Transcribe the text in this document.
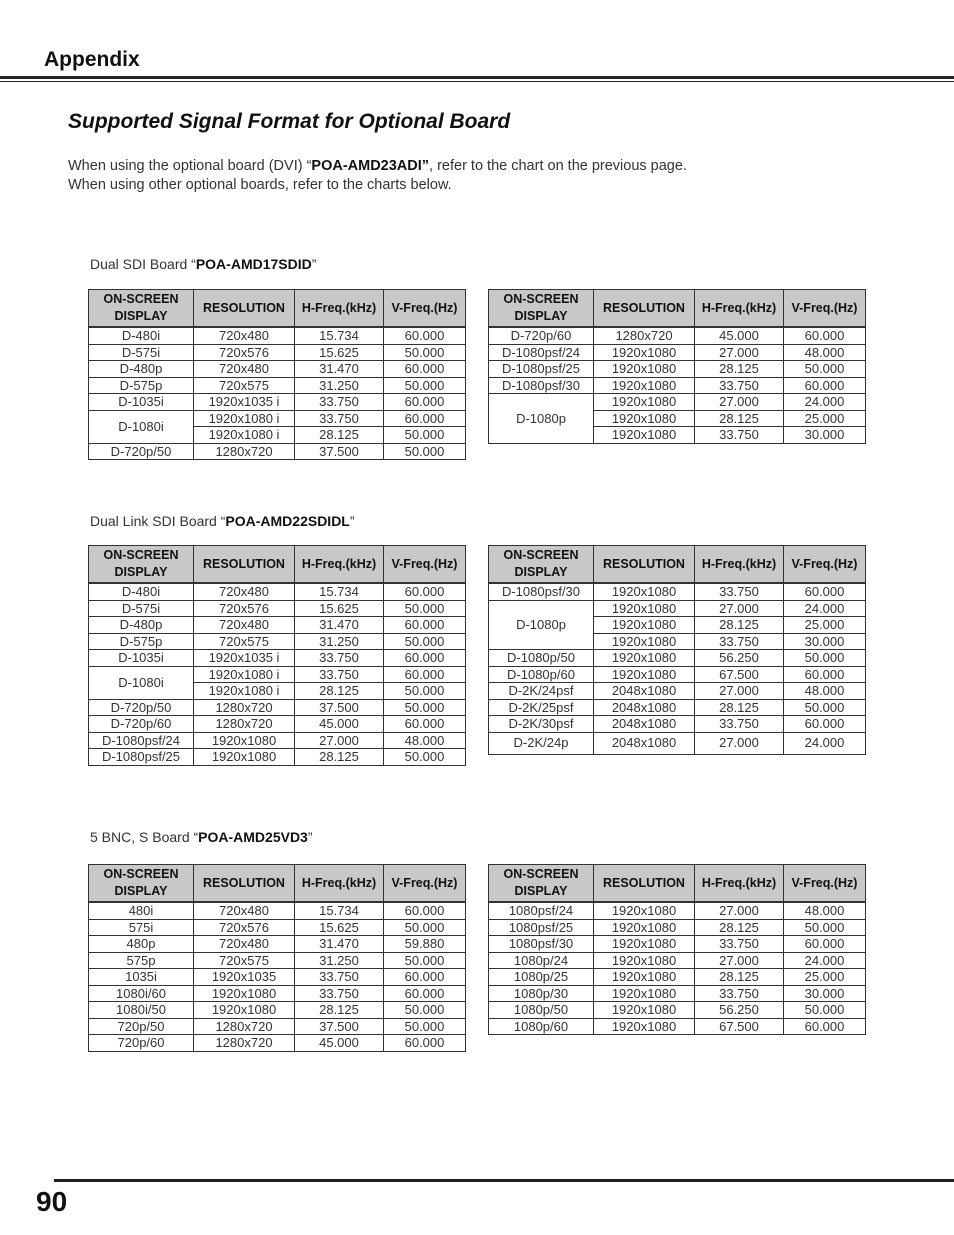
Appendix
Supported Signal Format for Optional Board
When using the optional board (DVI) “POA-AMD23ADI”, refer to the chart on the previous page.
When using other optional boards, refer to the charts below.
Dual SDI Board “POA-AMD17SDID”
ON-SCREEN
DISPLAY	RESOLUTION	H-Freq.(kHz)	V-Freq.(Hz)
D-480i	720x480	15.734	60.000
D-575i	720x576	15.625	50.000
D-480p	720x480	31.470	60.000
D-575p	720x575	31.250	50.000
D-1035i	1920x1035 i	33.750	60.000
D-1080i	1920x1080 i	33.750	60.000
	1920x1080 i	28.125	50.000
D-720p/50	1280x720	37.500	50.000
ON-SCREEN
DISPLAY	RESOLUTION	H-Freq.(kHz)	V-Freq.(Hz)
D-720p/60	1280x720	45.000	60.000
D-1080psf/24	1920x1080	27.000	48.000
D-1080psf/25	1920x1080	28.125	50.000
D-1080psf/30	1920x1080	33.750	60.000
D-1080p	1920x1080	27.000	24.000
	1920x1080	28.125	25.000
	1920x1080	33.750	30.000
Dual Link SDI Board “POA-AMD22SDIDL”
ON-SCREEN
DISPLAY	RESOLUTION	H-Freq.(kHz)	V-Freq.(Hz)
D-480i	720x480	15.734	60.000
D-575i	720x576	15.625	50.000
D-480p	720x480	31.470	60.000
D-575p	720x575	31.250	50.000
D-1035i	1920x1035 i	33.750	60.000
D-1080i	1920x1080 i	33.750	60.000
	1920x1080 i	28.125	50.000
D-720p/50	1280x720	37.500	50.000
D-720p/60	1280x720	45.000	60.000
D-1080psf/24	1920x1080	27.000	48.000
D-1080psf/25	1920x1080	28.125	50.000
ON-SCREEN
DISPLAY	RESOLUTION	H-Freq.(kHz)	V-Freq.(Hz)
D-1080psf/30	1920x1080	33.750	60.000
D-1080p	1920x1080	27.000	24.000
	1920x1080	28.125	25.000
	1920x1080	33.750	30.000
D-1080p/50	1920x1080	56.250	50.000
D-1080p/60	1920x1080	67.500	60.000
D-2K/24psf	2048x1080	27.000	48.000
D-2K/25psf	2048x1080	28.125	50.000
D-2K/30psf	2048x1080	33.750	60.000
D-2K/24p	2048x1080	27.000	24.000
5 BNC, S Board “POA-AMD25VD3”
ON-SCREEN
DISPLAY	RESOLUTION	H-Freq.(kHz)	V-Freq.(Hz)
480i	720x480	15.734	60.000
575i	720x576	15.625	50.000
480p	720x480	31.470	59.880
575p	720x575	31.250	50.000
1035i	1920x1035	33.750	60.000
1080i/60	1920x1080	33.750	60.000
1080i/50	1920x1080	28.125	50.000
720p/50	1280x720	37.500	50.000
720p/60	1280x720	45.000	60.000
ON-SCREEN
DISPLAY	RESOLUTION	H-Freq.(kHz)	V-Freq.(Hz)
1080psf/24	1920x1080	27.000	48.000
1080psf/25	1920x1080	28.125	50.000
1080psf/30	1920x1080	33.750	60.000
1080p/24	1920x1080	27.000	24.000
1080p/25	1920x1080	28.125	25.000
1080p/30	1920x1080	33.750	30.000
1080p/50	1920x1080	56.250	50.000
1080p/60	1920x1080	67.500	60.000
90
